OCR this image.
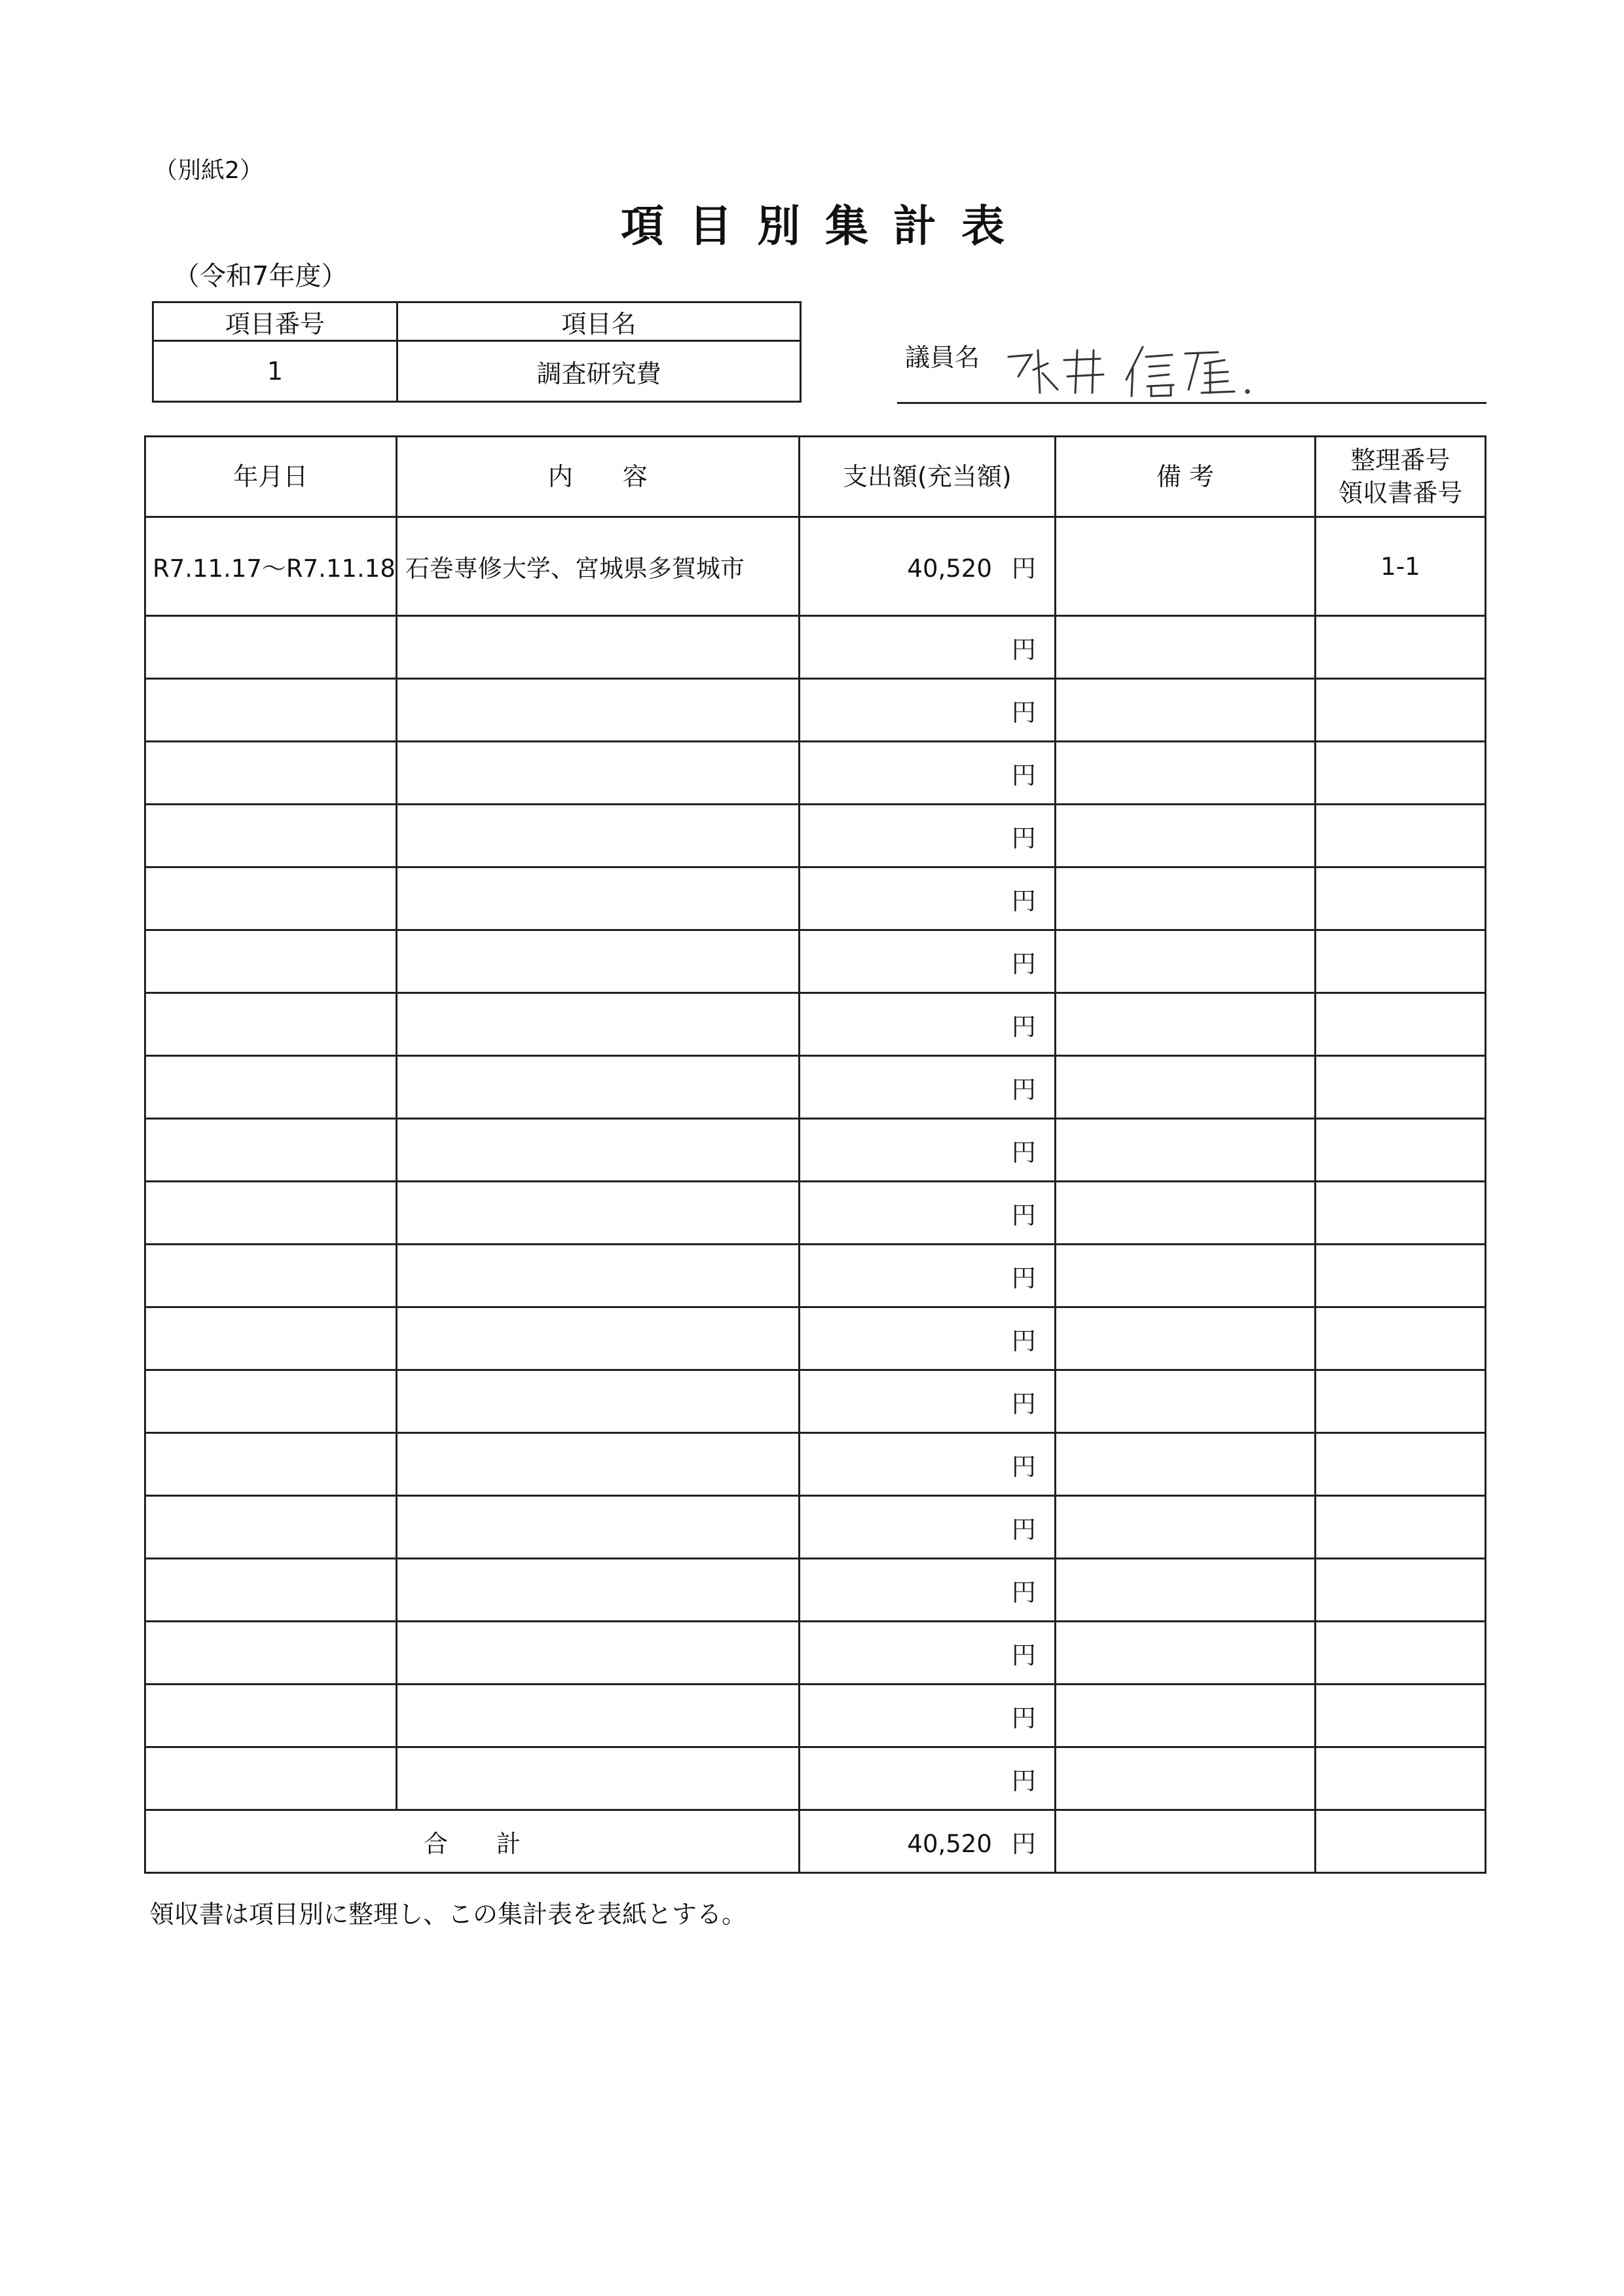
（別紙2）
項目別集計表
（令和7年度）
項目番号	項目名
1	調査研究費
議員名
年月日	内　　容	支出額(充当額)	備 考	整理番号
領収書番号

R7.11.17～R7.11.18	石巻専修大学、宮城県多賀城市	40,520 円		1-1
		円		
		円		
		円		
		円		
		円		
		円		
		円		
		円		
		円		
		円		
		円		
		円		
		円		
		円		
		円		
		円		
		円		
		円		
		円		
合　　計		40,520 円		
領収書は項目別に整理し、この集計表を表紙とする。
